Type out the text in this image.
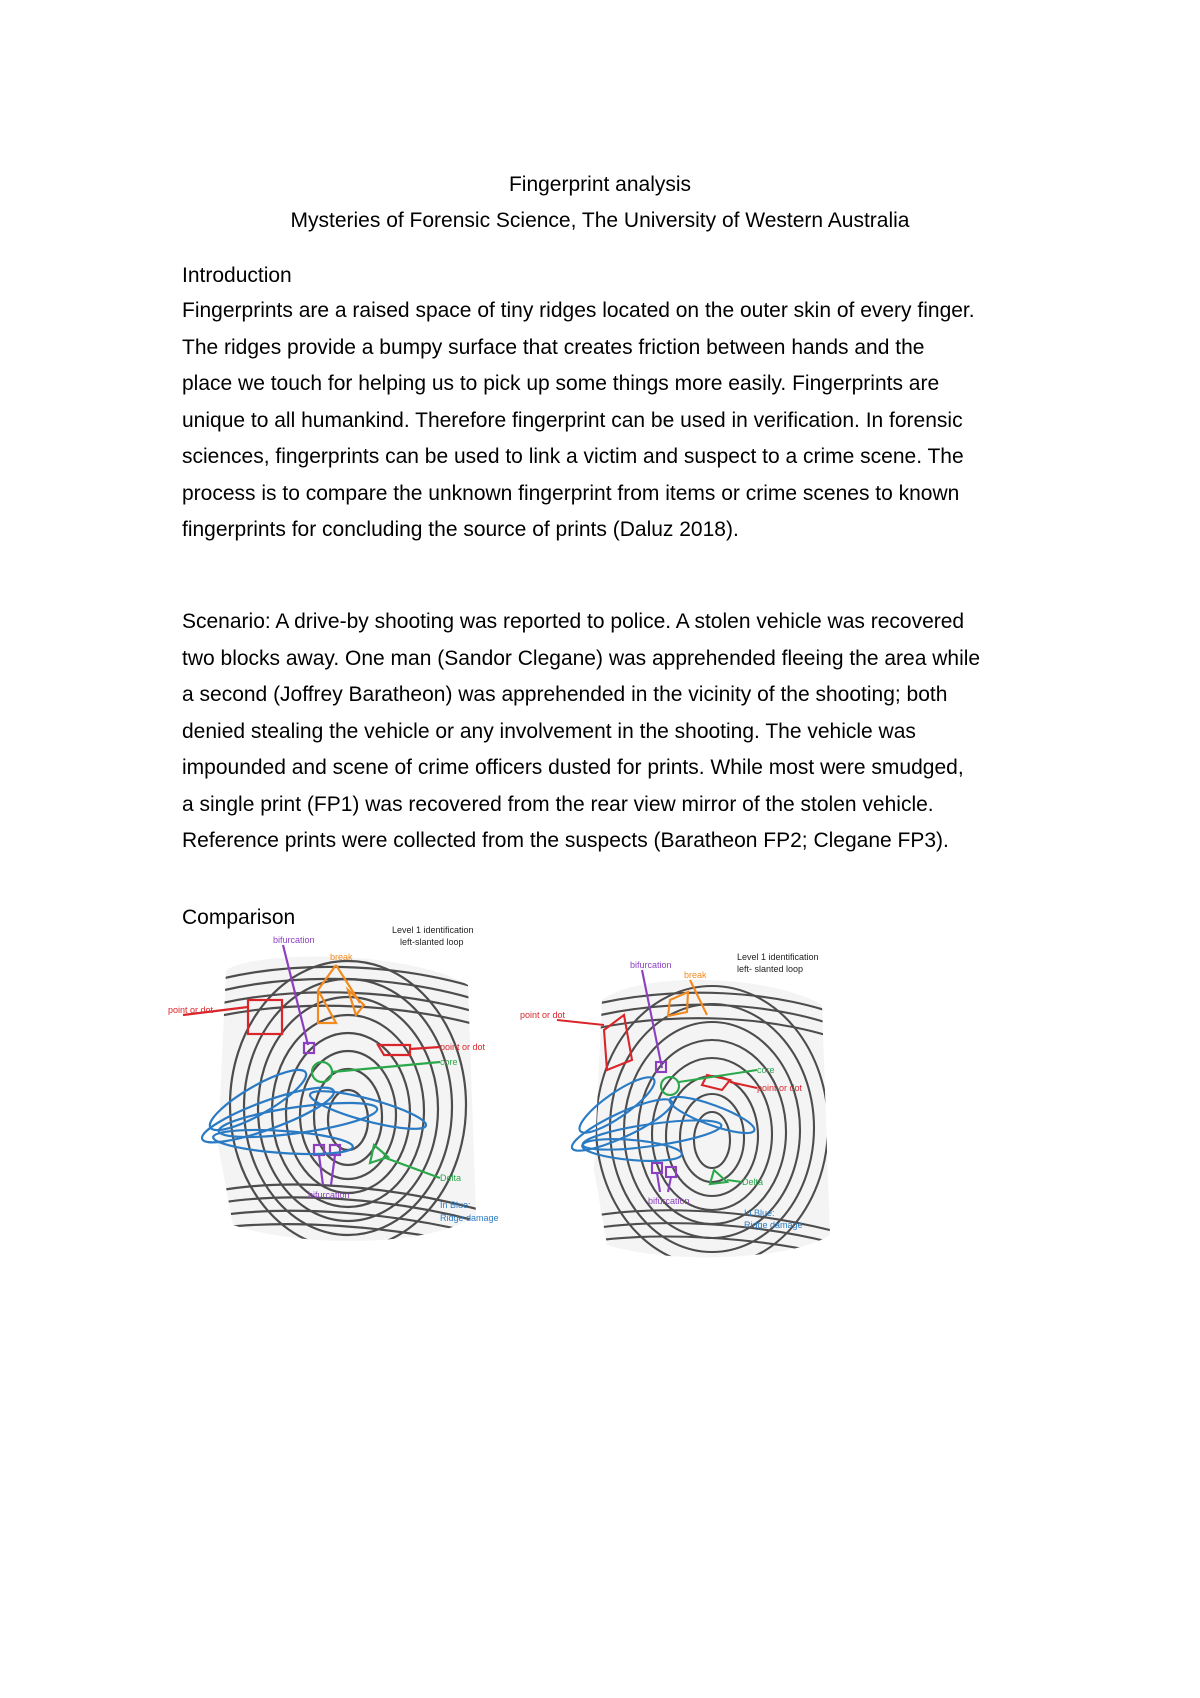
Fingerprint analysis
Mysteries of Forensic Science, The University of Western Australia
Introduction
Fingerprints are a raised space of tiny ridges located on the outer skin of every finger.
The ridges provide a bumpy surface that creates friction between hands and the
place we touch for helping us to pick up some things more easily. Fingerprints are
unique to all humankind. Therefore fingerprint can be used in verification. In forensic
sciences, fingerprints can be used to link a victim and suspect to a crime scene. The
process is to compare the unknown fingerprint from items or crime scenes to known
fingerprints for concluding the source of prints (Daluz 2018).
Scenario: A drive-by shooting was reported to police. A stolen vehicle was recovered
two blocks away. One man (Sandor Clegane) was apprehended fleeing the area while
a second (Joffrey Baratheon) was apprehended in the vicinity of the shooting; both
denied stealing the vehicle or any involvement in the shooting. The vehicle was
impounded and scene of crime officers dusted for prints. While most were smudged,
a single print (FP1) was recovered from the rear view mirror of the stolen vehicle.
Reference prints were collected from the suspects (Baratheon FP2; Clegane FP3).
Comparison
bifurcation
break
point or dot
point or dot
core
Delta
bifurcation
In Blue:
Ridge damage
Level 1 identification
left-slanted loop
bifurcation
break
point or dot
point or dot
core
Delta
bifurcation
In Blue:
Ridge damage
Level 1 identification
left- slanted loop
